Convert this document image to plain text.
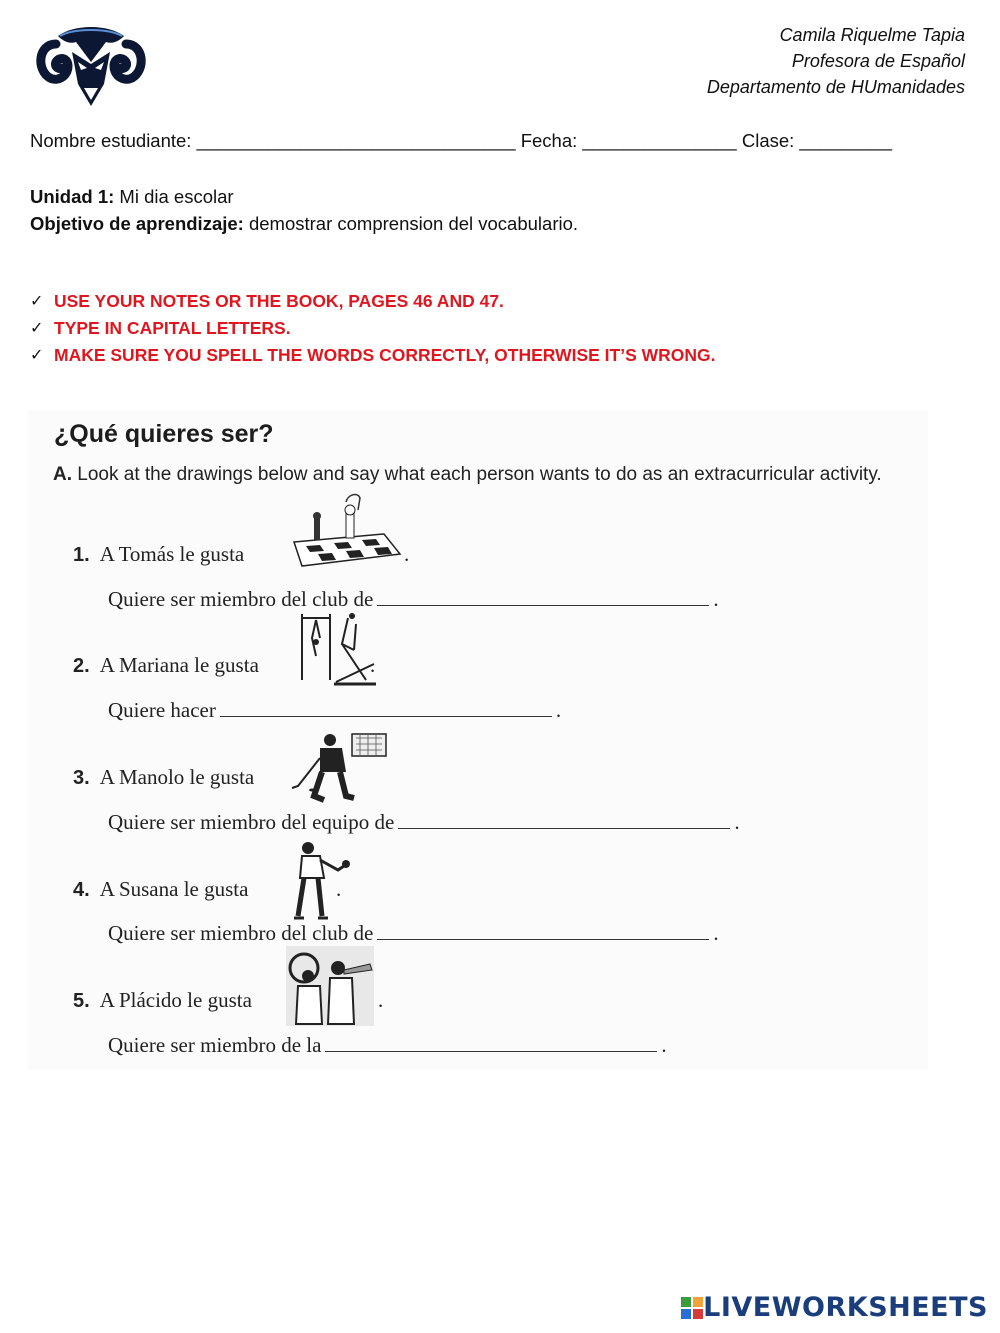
Camila Riquelme Tapia
Profesora de Español
Departamento de HUmanidades
Nombre estudiante: _______________________________ Fecha: _______________ Clase: _________
Unidad 1: Mi dia escolar
Objetivo de aprendizaje: demostrar comprension del vocabulario.
✓ USE YOUR NOTES OR THE BOOK, PAGES 46 AND 47.
✓ TYPE IN CAPITAL LETTERS.
✓ MAKE SURE YOU SPELL THE WORDS CORRECTLY, OTHERWISE IT’S WRONG.
¿Qué quieres ser?
A. Look at the drawings below and say what each person wants to do as an extracurricular activity.
1. A Tomás le gusta	.
Quiere ser miembro del club de	.
2. A Mariana le gusta	.
Quiere hacer	.
3. A Manolo le gusta
Quiere ser miembro del equipo de	.
4. A Susana le gusta	.
Quiere ser miembro del club de	.
5. A Plácido le gusta	.
Quiere ser miembro de la	.
LIVEWORKSHEETS
